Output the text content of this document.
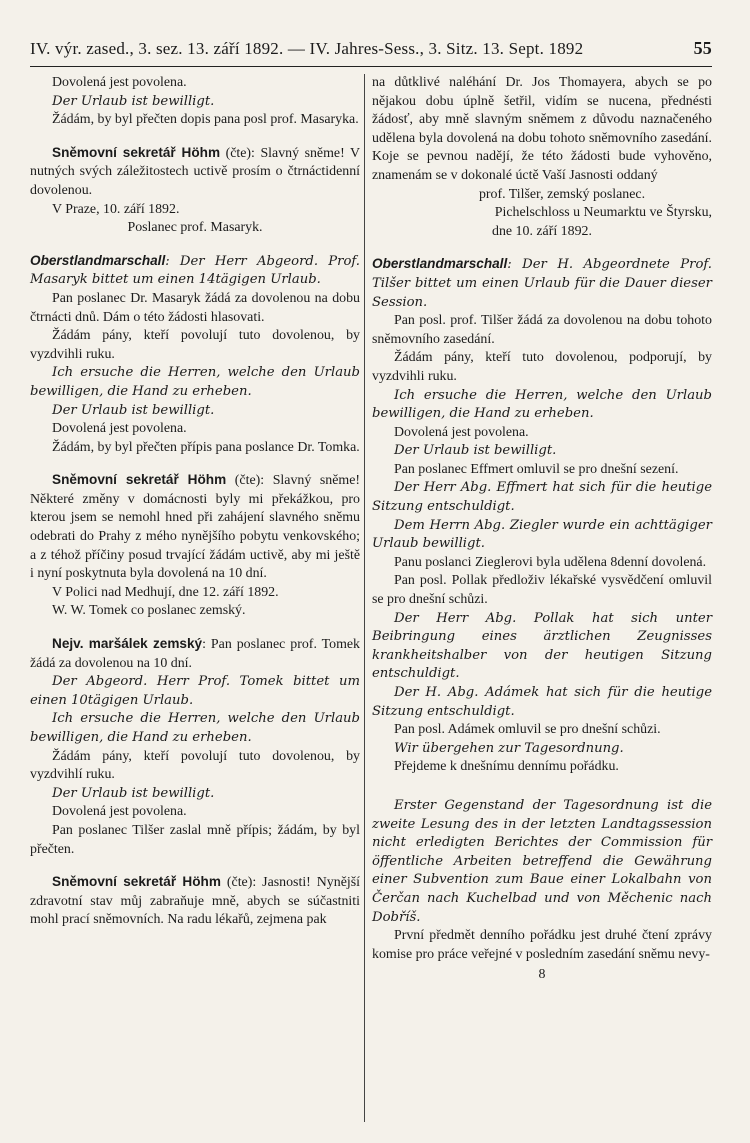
IV. výr. zased., 3. sez. 13. září 1892. — IV. Jahres-Sess., 3. Sitz. 13. Sept. 1892	55

Dovolená jest povolena.

Der Urlaub ist bewilligt.

Žádám, by byl přečten dopis pana posl prof. Masaryka.

Sněmovní sekretář Höhm (čte): Slavný sněme! V nutných svých záležitostech uctivě prosím o čtrnáctidenní dovolenou.

V Praze, 10. září 1892.

Poslanec prof. Masaryk.

Oberstlandmarschall: Der Herr Abgeord. Prof. Masaryk bittet um einen 14tägigen Urlaub.

Pan poslanec Dr. Masaryk žádá za dovolenou na dobu čtrnácti dnů. Dám o této žádosti hlasovati.

Žádám pány, kteří povolují tuto dovolenou, by vyzdvihli ruku.

Ich ersuche die Herren, welche den Urlaub bewilligen, die Hand zu erheben.

Der Urlaub ist bewilligt.

Dovolená jest povolena.

Žádám, by byl přečten přípis pana poslance Dr. Tomka.

Sněmovní sekretář Höhm (čte): Slavný sněme! Některé změny v domácnosti byly mi překážkou, pro kterou jsem se nemohl hned při zahájení slavného sněmu odebrati do Prahy z mého nynějšího pobytu venkovského; a z téhož příčiny posud trvající žádám uctivě, aby mi ještě i nyní poskytnuta byla dovolená na 10 dní.

V Polici nad Medhují, dne 12. září 1892.

W. W. Tomek co poslanec zemský.

Nejv. maršálek zemský: Pan poslanec prof. Tomek žádá za dovolenou na 10 dní.

Der Abgeord. Herr Prof. Tomek bittet um einen 10tägigen Urlaub.

Ich ersuche die Herren, welche den Urlaub bewilligen, die Hand zu erheben.

Žádám pány, kteří povolují tuto dovolenou, by vyzdvihlí ruku.

Der Urlaub ist bewilligt.

Dovolená jest povolena.

Pan poslanec Tilšer zaslal mně přípis; žádám, by byl přečten.

Sněmovní sekretář Höhm (čte): Jasnosti! Nynější zdravotní stav můj zabraňuje mně, abych se súčastniti mohl prací sněmovních. Na radu lékařů, zejmena pak

na důtklivé naléhání Dr. Jos Thomayera, abych se po nějakou dobu úplně šetřil, vidím se nucena, přednésti žádosť, aby mně slavným sněmem z důvodu naznačeného udělena byla dovolená na dobu tohoto sněmovního zasedání. Koje se pevnou nadějí, že této žádosti bude vyhověno, znamenám se v dokonalé úctě Vaší Jasnosti oddaný

prof. Tilšer, zemský poslanec.

Pichelschloss u Neumarktu ve Štyrsku,

dne 10. září 1892.

Oberstlandmarschall: Der H. Abgeordnete Prof. Tilšer bittet um einen Urlaub für die Dauer dieser Session.

Pan posl. prof. Tilšer žádá za dovolenou na dobu tohoto sněmovního zasedání.

Žádám pány, kteří tuto dovolenou, podporují, by vyzdvihli ruku.

Ich ersuche die Herren, welche den Urlaub bewilligen, die Hand zu erheben.

Dovolená jest povolena.

Der Urlaub ist bewilligt.

Pan poslanec Effmert omluvil se pro dnešní sezení.

Der Herr Abg. Effmert hat sich für die heutige Sitzung entschuldigt.

Dem Herrn Abg. Ziegler wurde ein achttägiger Urlaub bewilligt.

Panu poslanci Zieglerovi byla udělena 8denní dovolená.

Pan posl. Pollak předloživ lékařské vysvědčení omluvil se pro dnešní schůzi.

Der Herr Abg. Pollak hat sich unter Beibringung eines ärztlichen Zeugnisses krankheitshalber von der heutigen Sitzung entschuldigt.

Der H. Abg. Adámek hat sich für die heutige Sitzung entschuldigt.

Pan posl. Adámek omluvil se pro dnešní schůzi.

Wir übergehen zur Tagesordnung.

Přejdeme k dnešnímu dennímu pořádku.

Erster Gegenstand der Tagesordnung ist die zweite Lesung des in der letzten Landtagssession nicht erledigten Berichtes der Commission für öffentliche Arbeiten betreffend die Gewährung einer Subvention zum Baue einer Lokalbahn von Čerčan nach Kuchelbad und von Měchenic nach Dobříš.

První předmět denního pořádku jest druhé čtení zprávy komise pro práce veřejné v posledním zasedání sněmu nevy-

8
